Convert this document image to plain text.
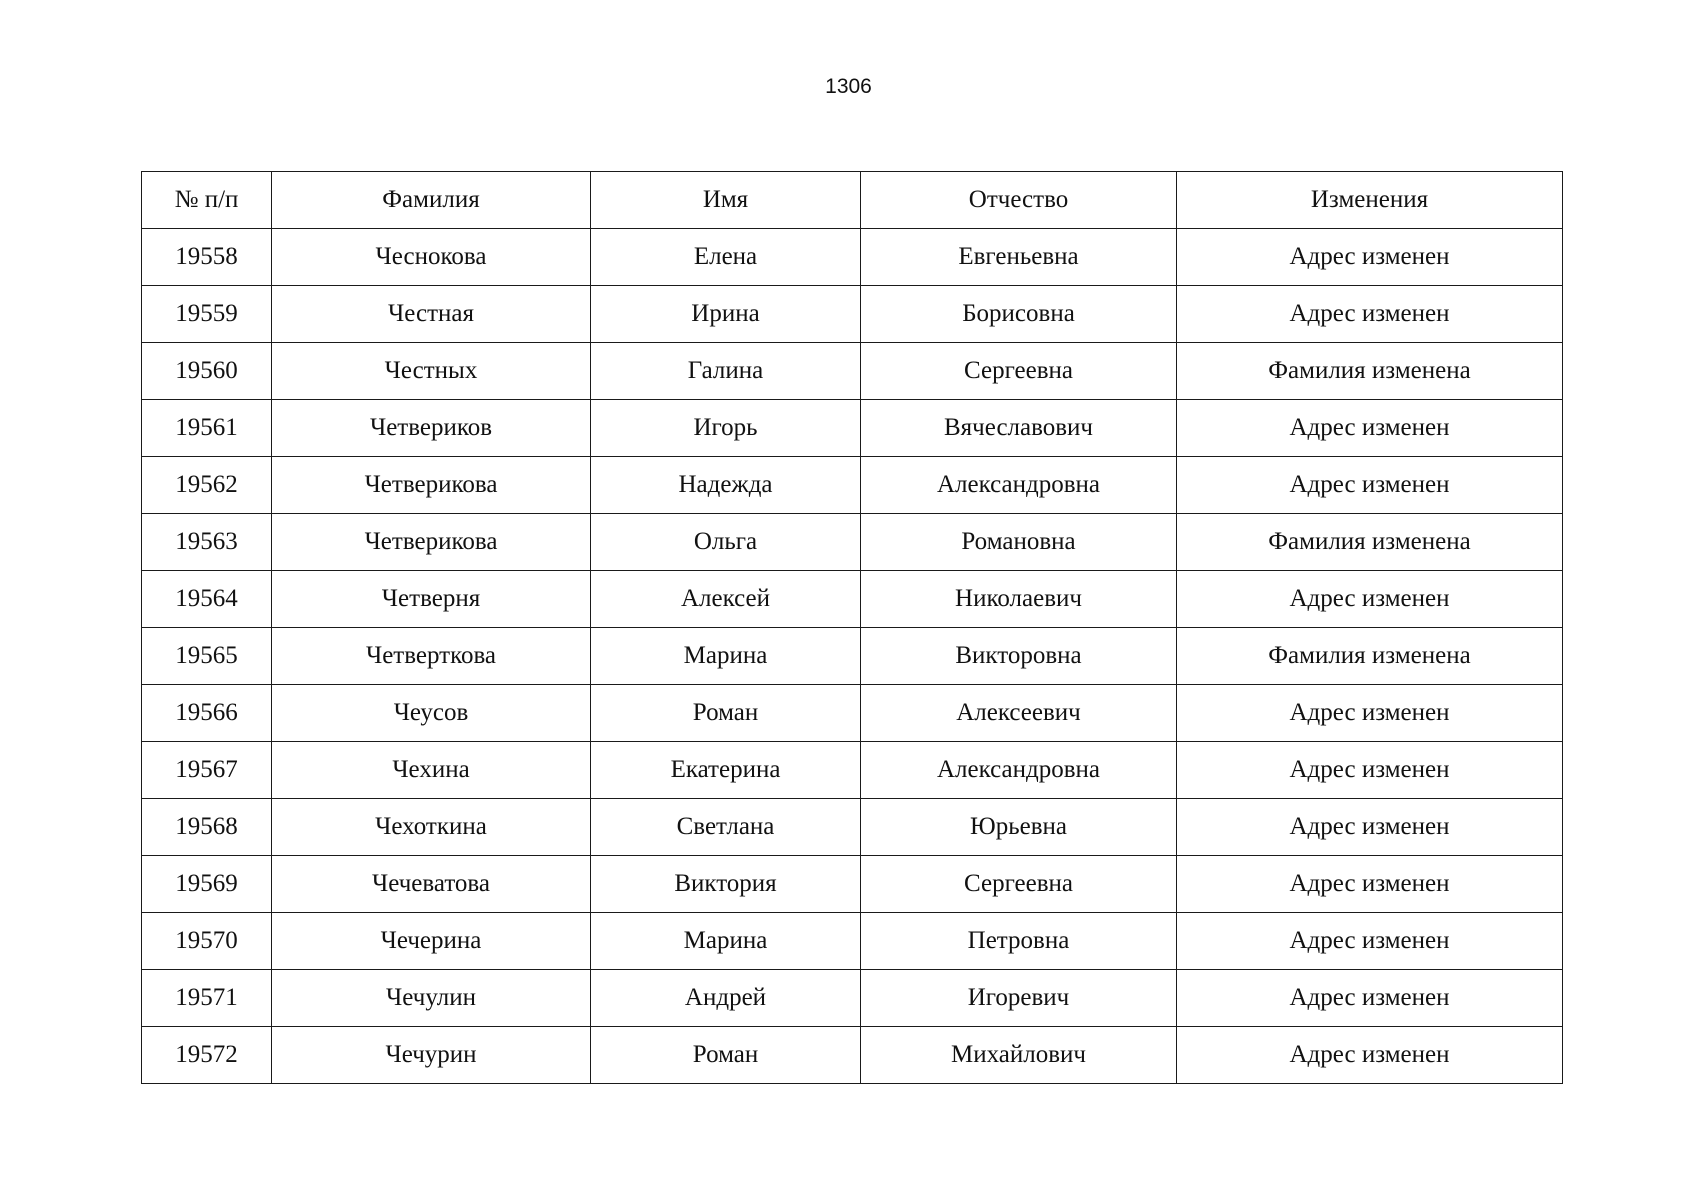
1306
№ п/п	Фамилия	Имя	Отчество	Изменения
19558	Чеснокова	Елена	Евгеньевна	Адрес изменен
19559	Честная	Ирина	Борисовна	Адрес изменен
19560	Честных	Галина	Сергеевна	Фамилия изменена
19561	Четвериков	Игорь	Вячеславович	Адрес изменен
19562	Четверикова	Надежда	Александровна	Адрес изменен
19563	Четверикова	Ольга	Романовна	Фамилия изменена
19564	Четверня	Алексей	Николаевич	Адрес изменен
19565	Четверткова	Марина	Викторовна	Фамилия изменена
19566	Чеусов	Роман	Алексеевич	Адрес изменен
19567	Чехина	Екатерина	Александровна	Адрес изменен
19568	Чехоткина	Светлана	Юрьевна	Адрес изменен
19569	Чечеватова	Виктория	Сергеевна	Адрес изменен
19570	Чечерина	Марина	Петровна	Адрес изменен
19571	Чечулин	Андрей	Игоревич	Адрес изменен
19572	Чечурин	Роман	Михайлович	Адрес изменен
